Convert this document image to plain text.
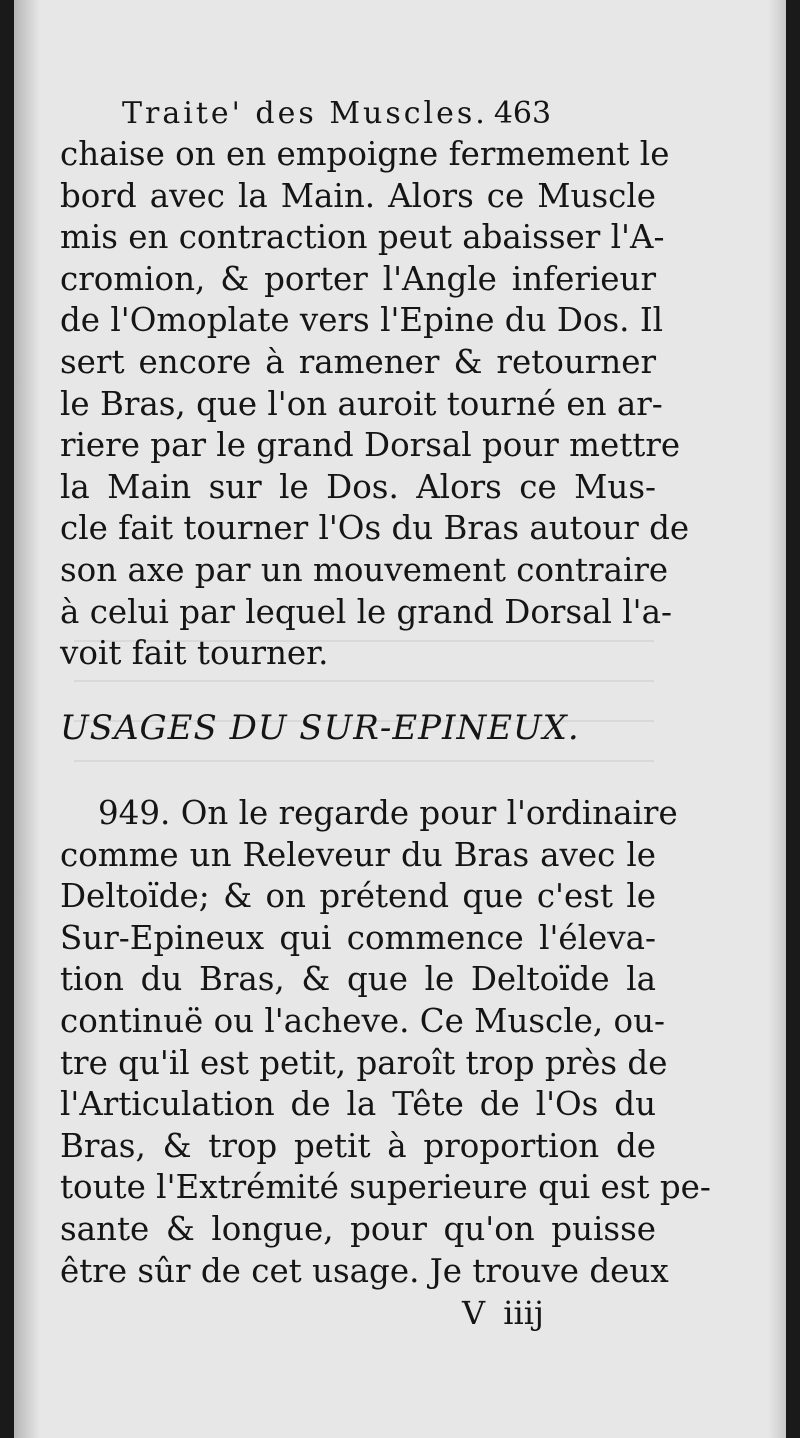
Traite' des Muscles. 463
chaise on en empoigne fermement le
bord avec la Main. Alors ce Muscle
mis en contraction peut abaisser l'A-
cromion, & porter l'Angle inferieur
de l'Omoplate vers l'Epine du Dos. Il
sert encore à ramener & retourner
le Bras, que l'on auroit tourné en ar-
riere par le grand Dorsal pour mettre
la Main sur le Dos. Alors ce Mus-
cle fait tourner l'Os du Bras autour de
son axe par un mouvement contraire
à celui par lequel le grand Dorsal l'a-
voit fait tourner.
USAGES DU SUR-EPINEUX.
949. On le regarde pour l'ordinaire
comme un Releveur du Bras avec le
Deltoïde; & on prétend que c'est le
Sur-Epineux qui commence l'éleva-
tion du Bras, & que le Deltoïde la
continuë ou l'acheve. Ce Muscle, ou-
tre qu'il est petit, paroît trop près de
l'Articulation de la Tête de l'Os du
Bras, & trop petit à proportion de
toute l'Extrémité superieure qui est pe-
sante & longue, pour qu'on puisse
être sûr de cet usage. Je trouve deux
V iiij
